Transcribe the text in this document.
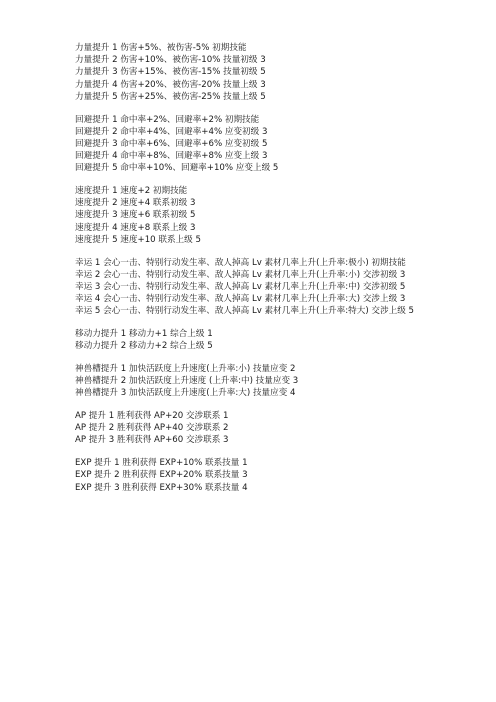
力量提升 1 伤害+5%、被伤害-5% 初期技能
力量提升 2 伤害+10%、被伤害-10% 技量初级 3
力量提升 3 伤害+15%、被伤害-15% 技量初级 5
力量提升 4 伤害+20%、被伤害-20% 技量上级 3
力量提升 5 伤害+25%、被伤害-25% 技量上级 5
回避提升 1 命中率+2%、回避率+2% 初期技能
回避提升 2 命中率+4%、回避率+4% 应变初级 3
回避提升 3 命中率+6%、回避率+6% 应变初级 5
回避提升 4 命中率+8%、回避率+8% 应变上级 3
回避提升 5 命中率+10%、回避率+10% 应变上级 5
速度提升 1 速度+2 初期技能
速度提升 2 速度+4 联系初级 3
速度提升 3 速度+6 联系初级 5
速度提升 4 速度+8 联系上级 3
速度提升 5 速度+10 联系上级 5
幸运 1 会心一击、特别行动发生率、敌人掉高 Lv 素材几率上升(上升率:极小) 初期技能
幸运 2 会心一击、特别行动发生率、敌人掉高 Lv 素材几率上升(上升率:小) 交涉初级 3
幸运 3 会心一击、特别行动发生率、敌人掉高 Lv 素材几率上升(上升率:中) 交涉初级 5
幸运 4 会心一击、特别行动发生率、敌人掉高 Lv 素材几率上升(上升率:大) 交涉上级 3
幸运 5 会心一击、特别行动发生率、敌人掉高 Lv 素材几率上升(上升率:特大) 交涉上级 5
移动力提升 1 移动力+1 综合上级 1
移动力提升 2 移动力+2 综合上级 5
神兽槽提升 1 加快活跃度上升速度(上升率:小) 技量应变 2
神兽槽提升 2 加快活跃度上升速度 (上升率:中) 技量应变 3
神兽槽提升 3 加快活跃度上升速度(上升率:大) 技量应变 4
AP 提升 1 胜利获得 AP+20 交涉联系 1
AP 提升 2 胜利获得 AP+40 交涉联系 2
AP 提升 3 胜利获得 AP+60 交涉联系 3
EXP 提升 1 胜利获得 EXP+10% 联系技量 1
EXP 提升 2 胜利获得 EXP+20% 联系技量 3
EXP 提升 3 胜利获得 EXP+30% 联系技量 4
